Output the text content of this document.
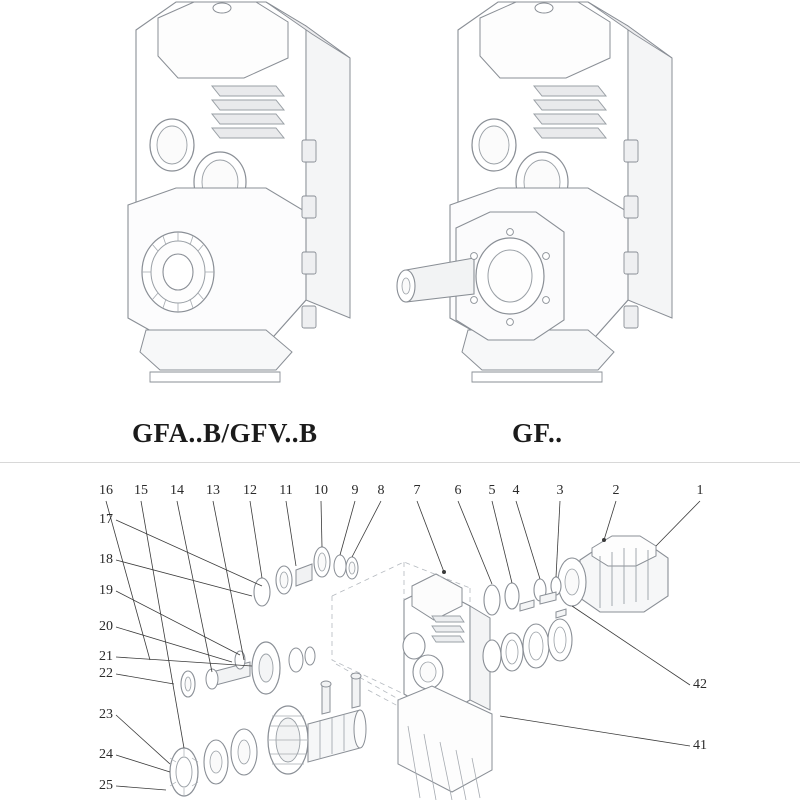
GFA..B/GFV..B	GF..
16 15 14 13 12 11 10 9 8 7 6 5 4	3	2	1
17
18
19
20
21
22
23
24
25
42
41
